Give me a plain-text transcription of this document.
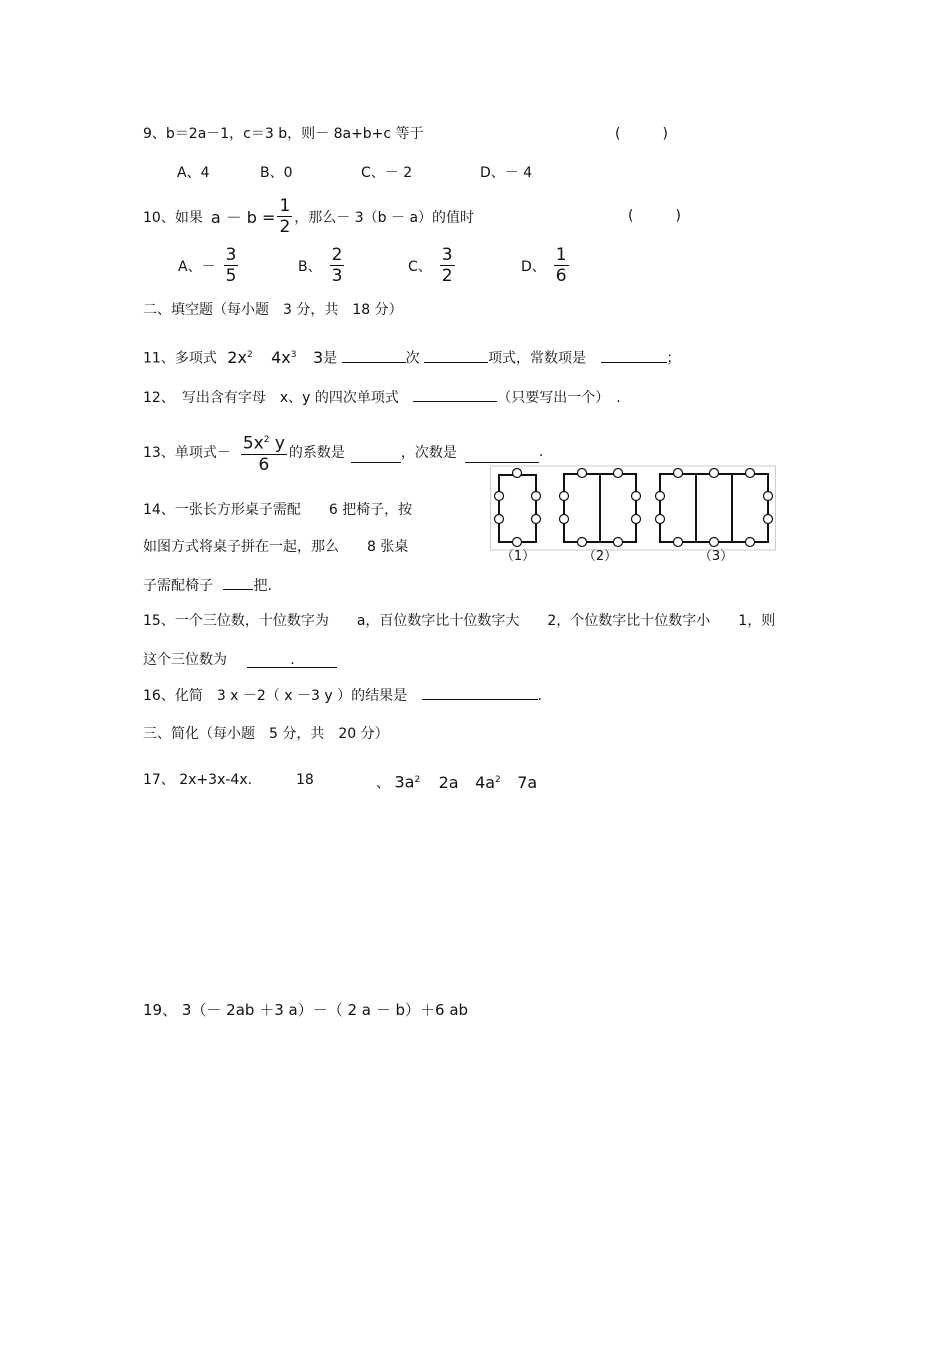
9、b＝2a－1，c＝3 b，则－ 8a+b+c 等于	(　　　)
A、4	B、0	C、－ 2	D、－ 4
10、如果 $a - b = \frac{1}{2}$ ，那么－ 3（b － a）的值时	(　　　)
A、－ $\frac{3}{5}$	B、 $\frac{2}{3}$	C、 $\frac{3}{2}$	D、 $\frac{1}{6}$
二、填空题（每小题　3 分，共　18 分）
11、多项式 $2x^2$ $4x^3$ 3是	次	项式，常数项是	；
12、　写出含有字母　x、y 的四次单项式	（只要写出一个）　.
13、单项式－ $\frac{5x^2 y}{6}$ 的系数是	，次数是	.
14、一张长方形桌子需配　　6 把椅子，按
如图方式将桌子拼在一起，那么　　8 张桌
子需配椅子	把.
（1）	（2）	（3）
15、一个三位数，十位数字为　　a，百位数字比十位数字大　　2，个位数字比十位数字小　　1，则
这个三位数为	.
16、化简　3 x －2（ x －3 y ）的结果是	.
三、简化（每小题　5 分，共　20 分）
17、 2x+3x-4x.	18	、 $3a^2$ 2a $4a^2$ 7a
19、 3（－ 2ab ＋3 a）－（ 2 a － b）＋6 ab
